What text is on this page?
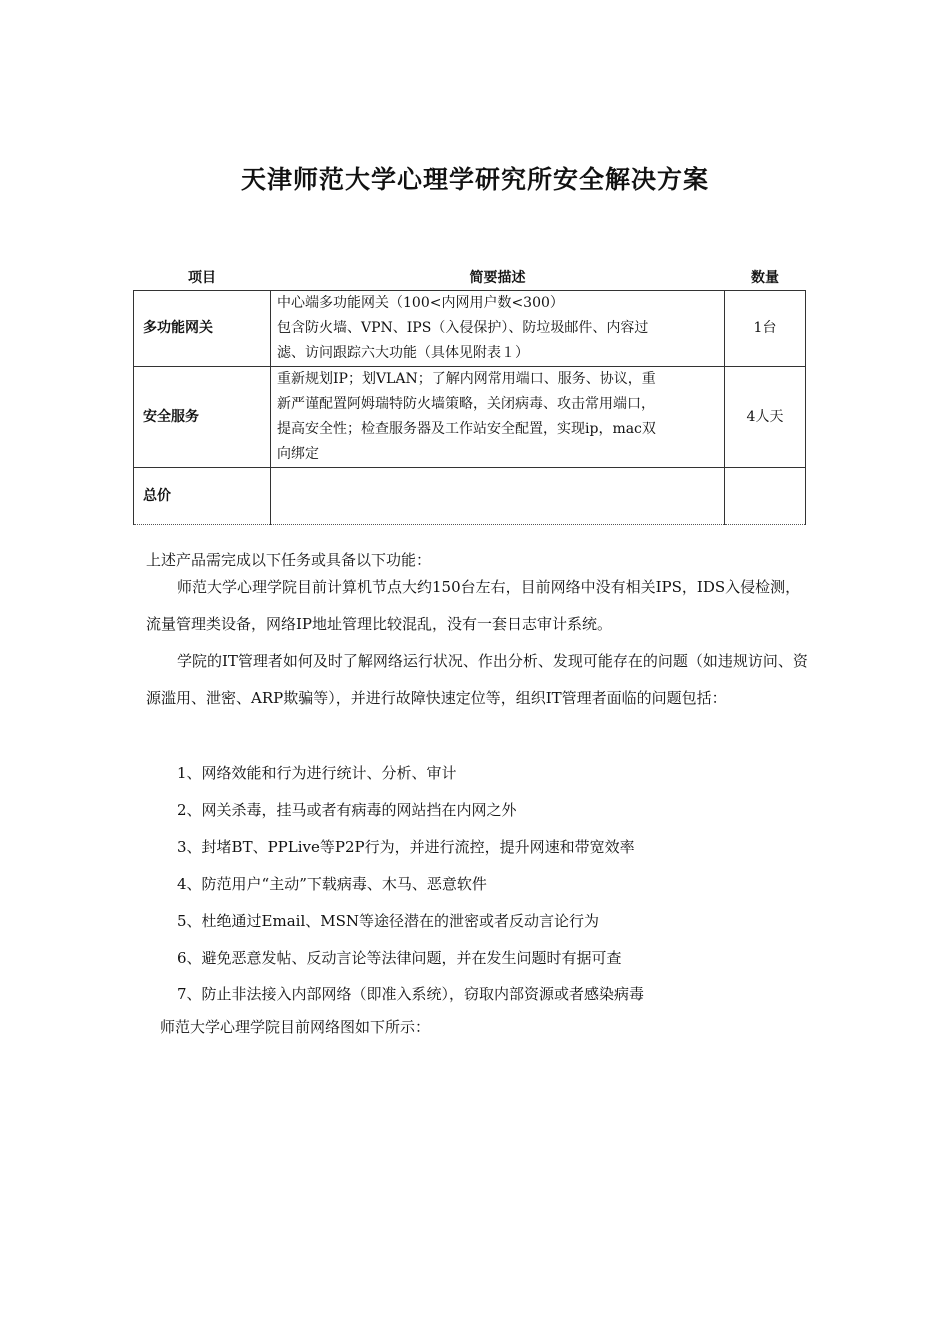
天津师范大学心理学研究所安全解决方案
项目	简要描述	数量
多功能网关	中心端多功能网关（100<内网用户数<300）
包含防火墙、VPN、IPS（入侵保护）、防垃圾邮件、内容过
滤、访问跟踪六大功能（具体见附表１）	1台
安全服务	重新规划IP；划VLAN；了解内网常用端口、服务、协议，重
新严谨配置阿姆瑞特防火墙策略，关闭病毒、攻击常用端口，
提高安全性；检查服务器及工作站安全配置，实现ip，mac双
向绑定	4人天
总价		
上述产品需完成以下任务或具备以下功能：

师范大学心理学院目前计算机节点大约150台左右，目前网络中没有相关IPS，IDS入侵检测，流量管理类设备，网络IP地址管理比较混乱，没有一套日志审计系统。

学院的IT管理者如何及时了解网络运行状况、作出分析、发现可能存在的问题（如违规访问、资源滥用、泄密、ARP欺骗等），并进行故障快速定位等，组织IT管理者面临的问题包括：

1、网络效能和行为进行统计、分析、审计
2、网关杀毒，挂马或者有病毒的网站挡在内网之外
3、封堵BT、PPLive等P2P行为，并进行流控，提升网速和带宽效率
4、防范用户“主动”下载病毒、木马、恶意软件
5、杜绝通过Email、MSN等途径潜在的泄密或者反动言论行为
6、避免恶意发帖、反动言论等法律问题，并在发生问题时有据可查
7、防止非法接入内部网络（即准入系统），窃取内部资源或者感染病毒
师范大学心理学院目前网络图如下所示：
